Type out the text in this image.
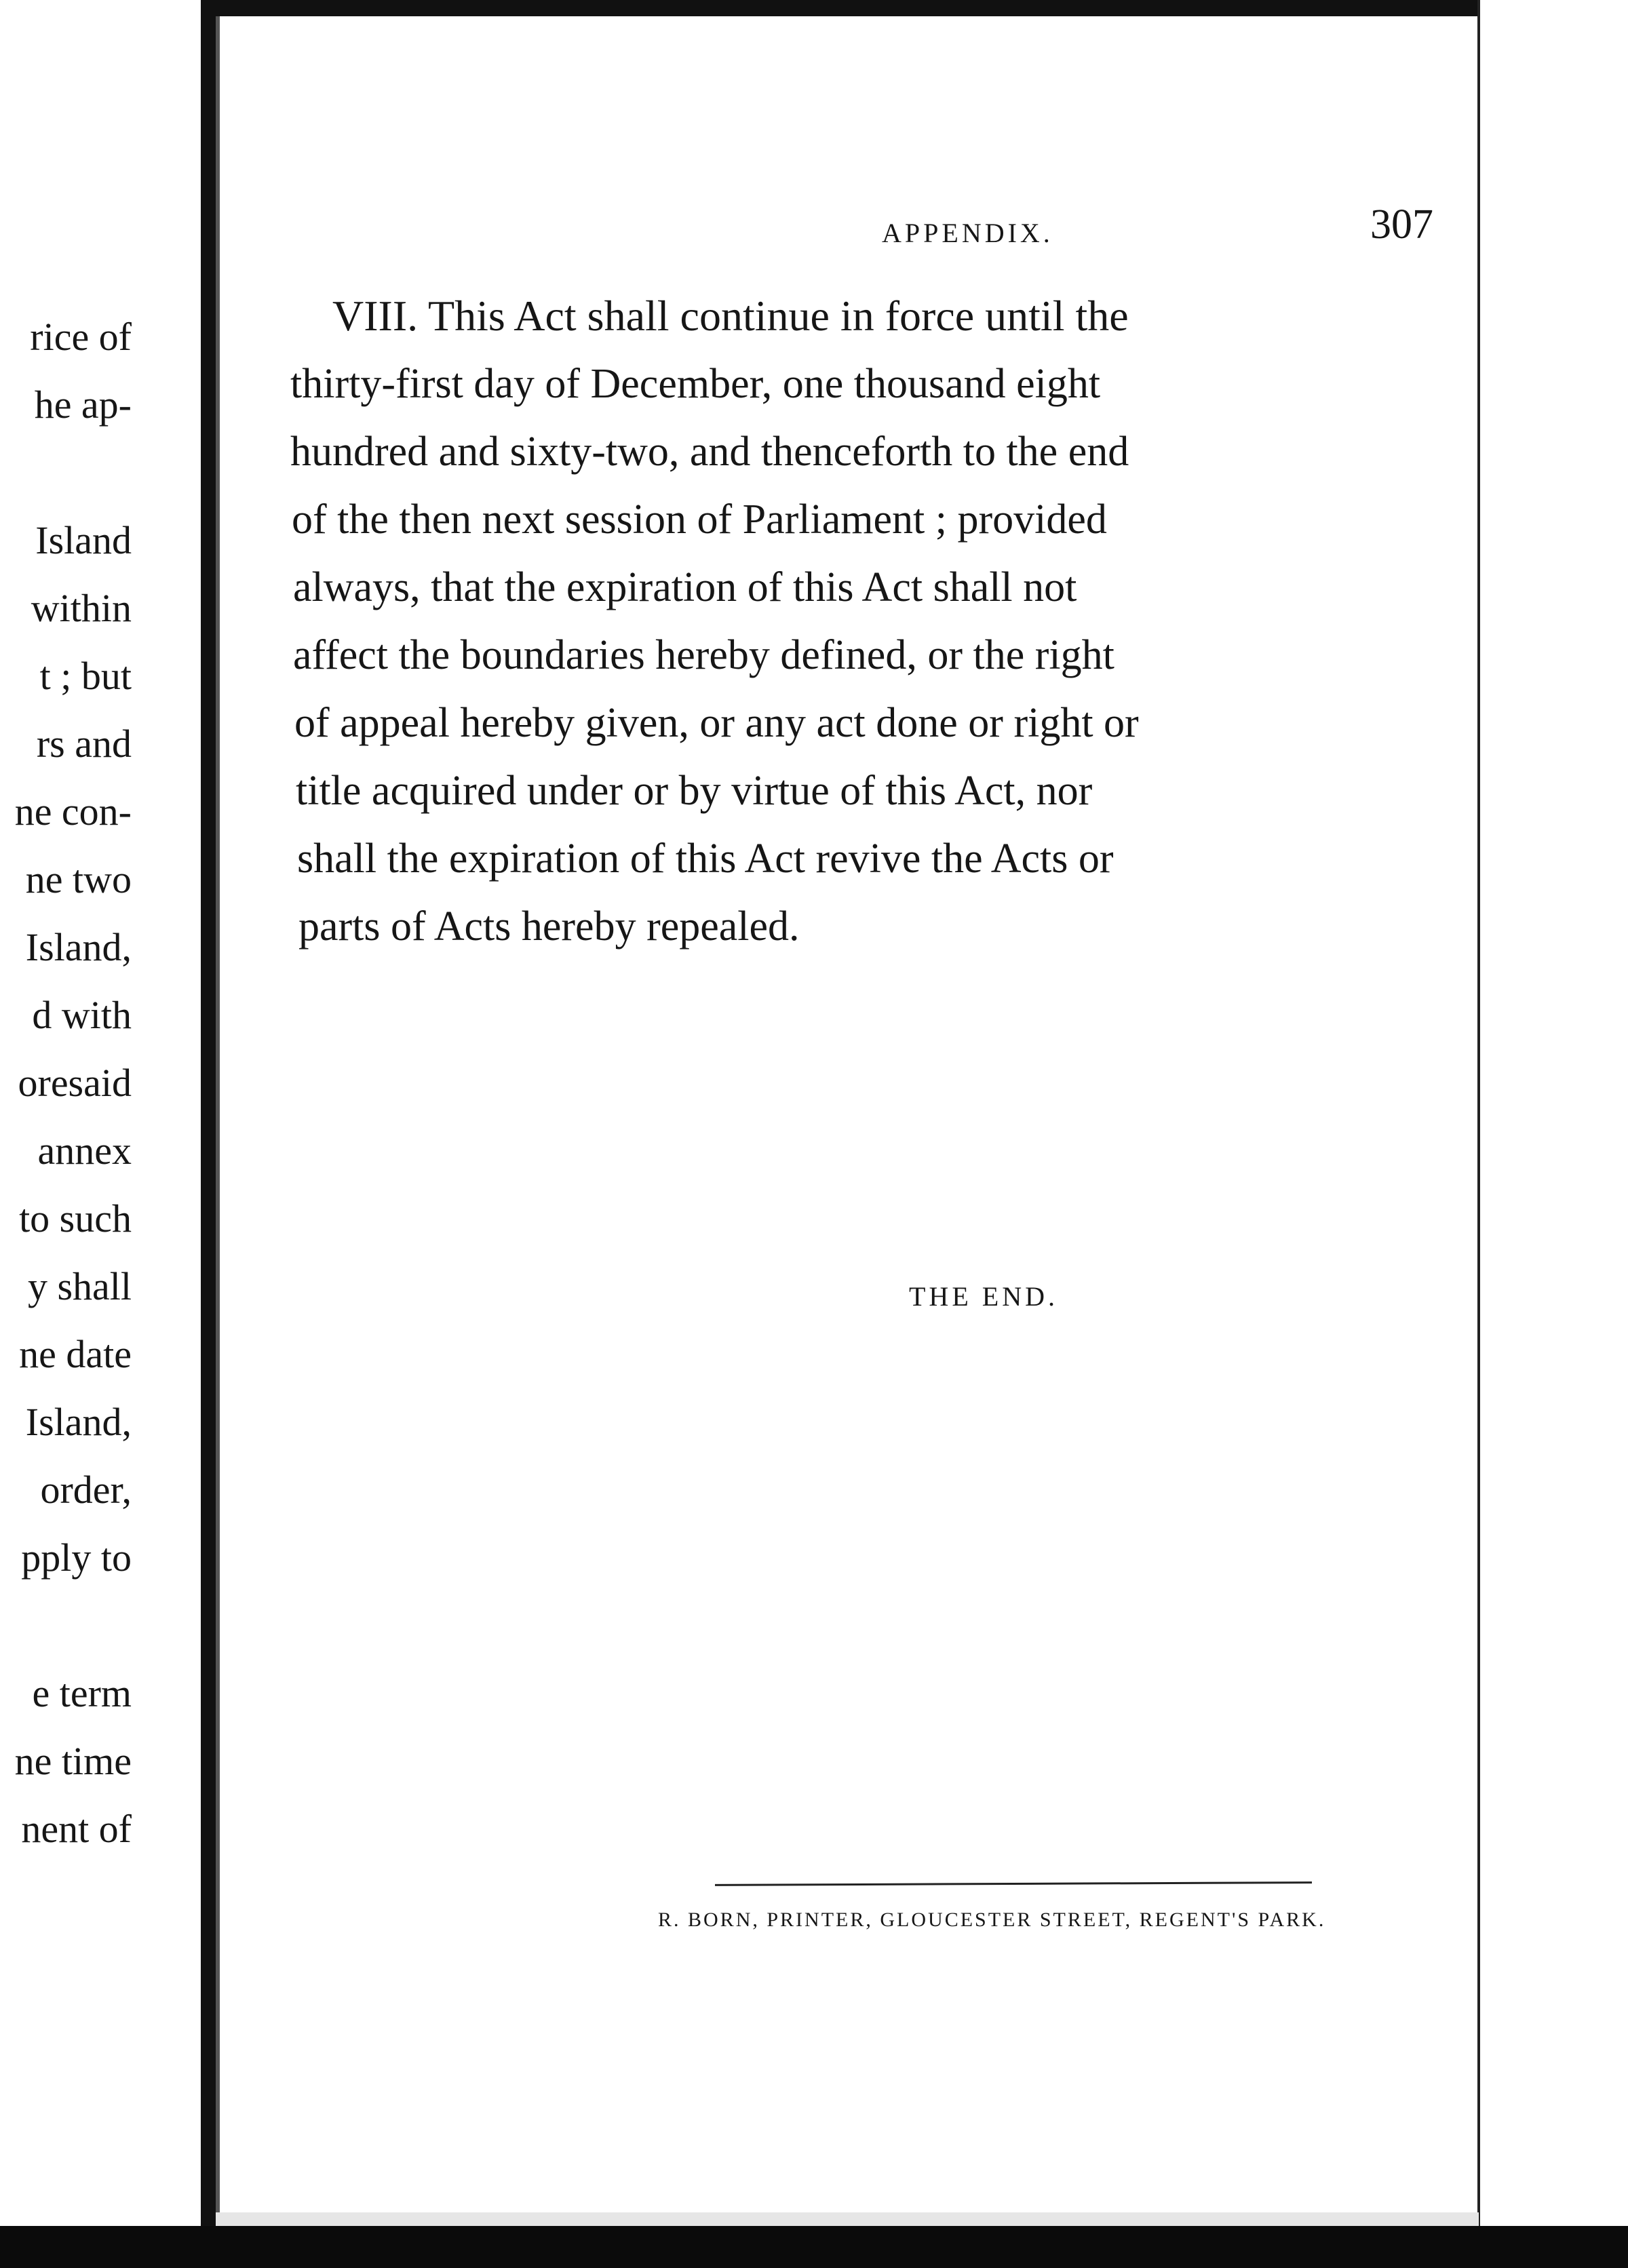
rice of
he ap-
Island
within
t ; but
rs and
ne con-
ne two
Island,
d with
oresaid
annex
to such
y shall
ne date
Island,
order,
pply to
e term
ne time
nent of
APPENDIX.	307
VIII. This Act shall continue in force until the
thirty-first day of December, one thousand eight
hundred and sixty-two, and thenceforth to the end
of the then next session of Parliament ; provided
always, that the expiration of this Act shall not
affect the boundaries hereby defined, or the right
of appeal hereby given, or any act done or right or
title acquired under or by virtue of this Act, nor
shall the expiration of this Act revive the Acts or
parts of Acts hereby repealed.
THE END.
R. BORN, PRINTER, GLOUCESTER STREET, REGENT'S PARK.
